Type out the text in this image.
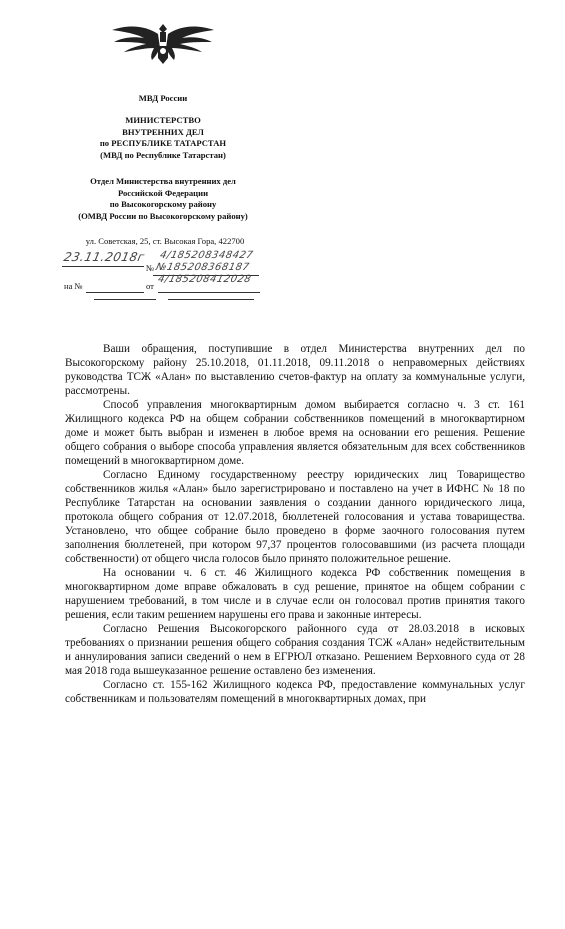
МВД России
МИНИСТЕРСТВО
ВНУТРЕННИХ ДЕЛ
по РЕСПУБЛИКЕ ТАТАРСТАН
(МВД по Республике Татарстан)
Отдел Министерства внутренних дел
Российской Федерации
по Высокогорскому району
(ОМВД России по Высокогорскому району)
ул. Советская, 25, ст. Высокая Гора, 422700
23.11.2018г 4/185208348427
№ №185208368187
на №	от
4/185208412028

Ваши обращения, поступившие в отдел Министерства внутренних дел по Высокогорскому району 25.10.2018, 01.11.2018, 09.11.2018 о неправомерных действиях руководства ТСЖ «Алан» по выставлению счетов-фактур на оплату за коммунальные услуги, рассмотрены.

Способ управления многоквартирным домом выбирается согласно ч. 3 ст. 161 Жилищного кодекса РФ на общем собрании собственников помещений в многоквартирном доме и может быть выбран и изменен в любое время на основании его решения. Решение общего собрания о выборе способа управления является обязательным для всех собственников помещений в многоквартирном доме.

Согласно Единому государственному реестру юридических лиц Товарищество собственников жилья «Алан» было зарегистрировано и поставлено на учет в ИФНС № 18 по Республике Татарстан на основании заявления о создании данного юридического лица, протокола общего собрания от 12.07.2018, бюллетеней голосования и устава товарищества. Установлено, что общее собрание было проведено в форме заочного голосования путем заполнения бюллетеней, при котором 97,37 процентов голосовавшими (из расчета площади собственности) от общего числа голосов было принято положительное решение.

На основании ч. 6 ст. 46 Жилищного кодекса РФ собственник помещения в многоквартирном доме вправе обжаловать в суд решение, принятое на общем собрании с нарушением требований, в том числе и в случае если он голосовал против принятия такого решения, если таким решением нарушены его права и законные интересы.

Согласно Решения Высокогорского районного суда от 28.03.2018 в исковых требованиях о признании решения общего собрания создания ТСЖ «Алан» недействительным и аннулирования записи сведений о нем в ЕГРЮЛ отказано. Решением Верховного суда от 28 мая 2018 года вышеуказанное решение оставлено без изменения.

Согласно ст. 155-162 Жилищного кодекса РФ, предоставление коммунальных услуг собственникам и пользователям помещений в многоквартирных домах, при
